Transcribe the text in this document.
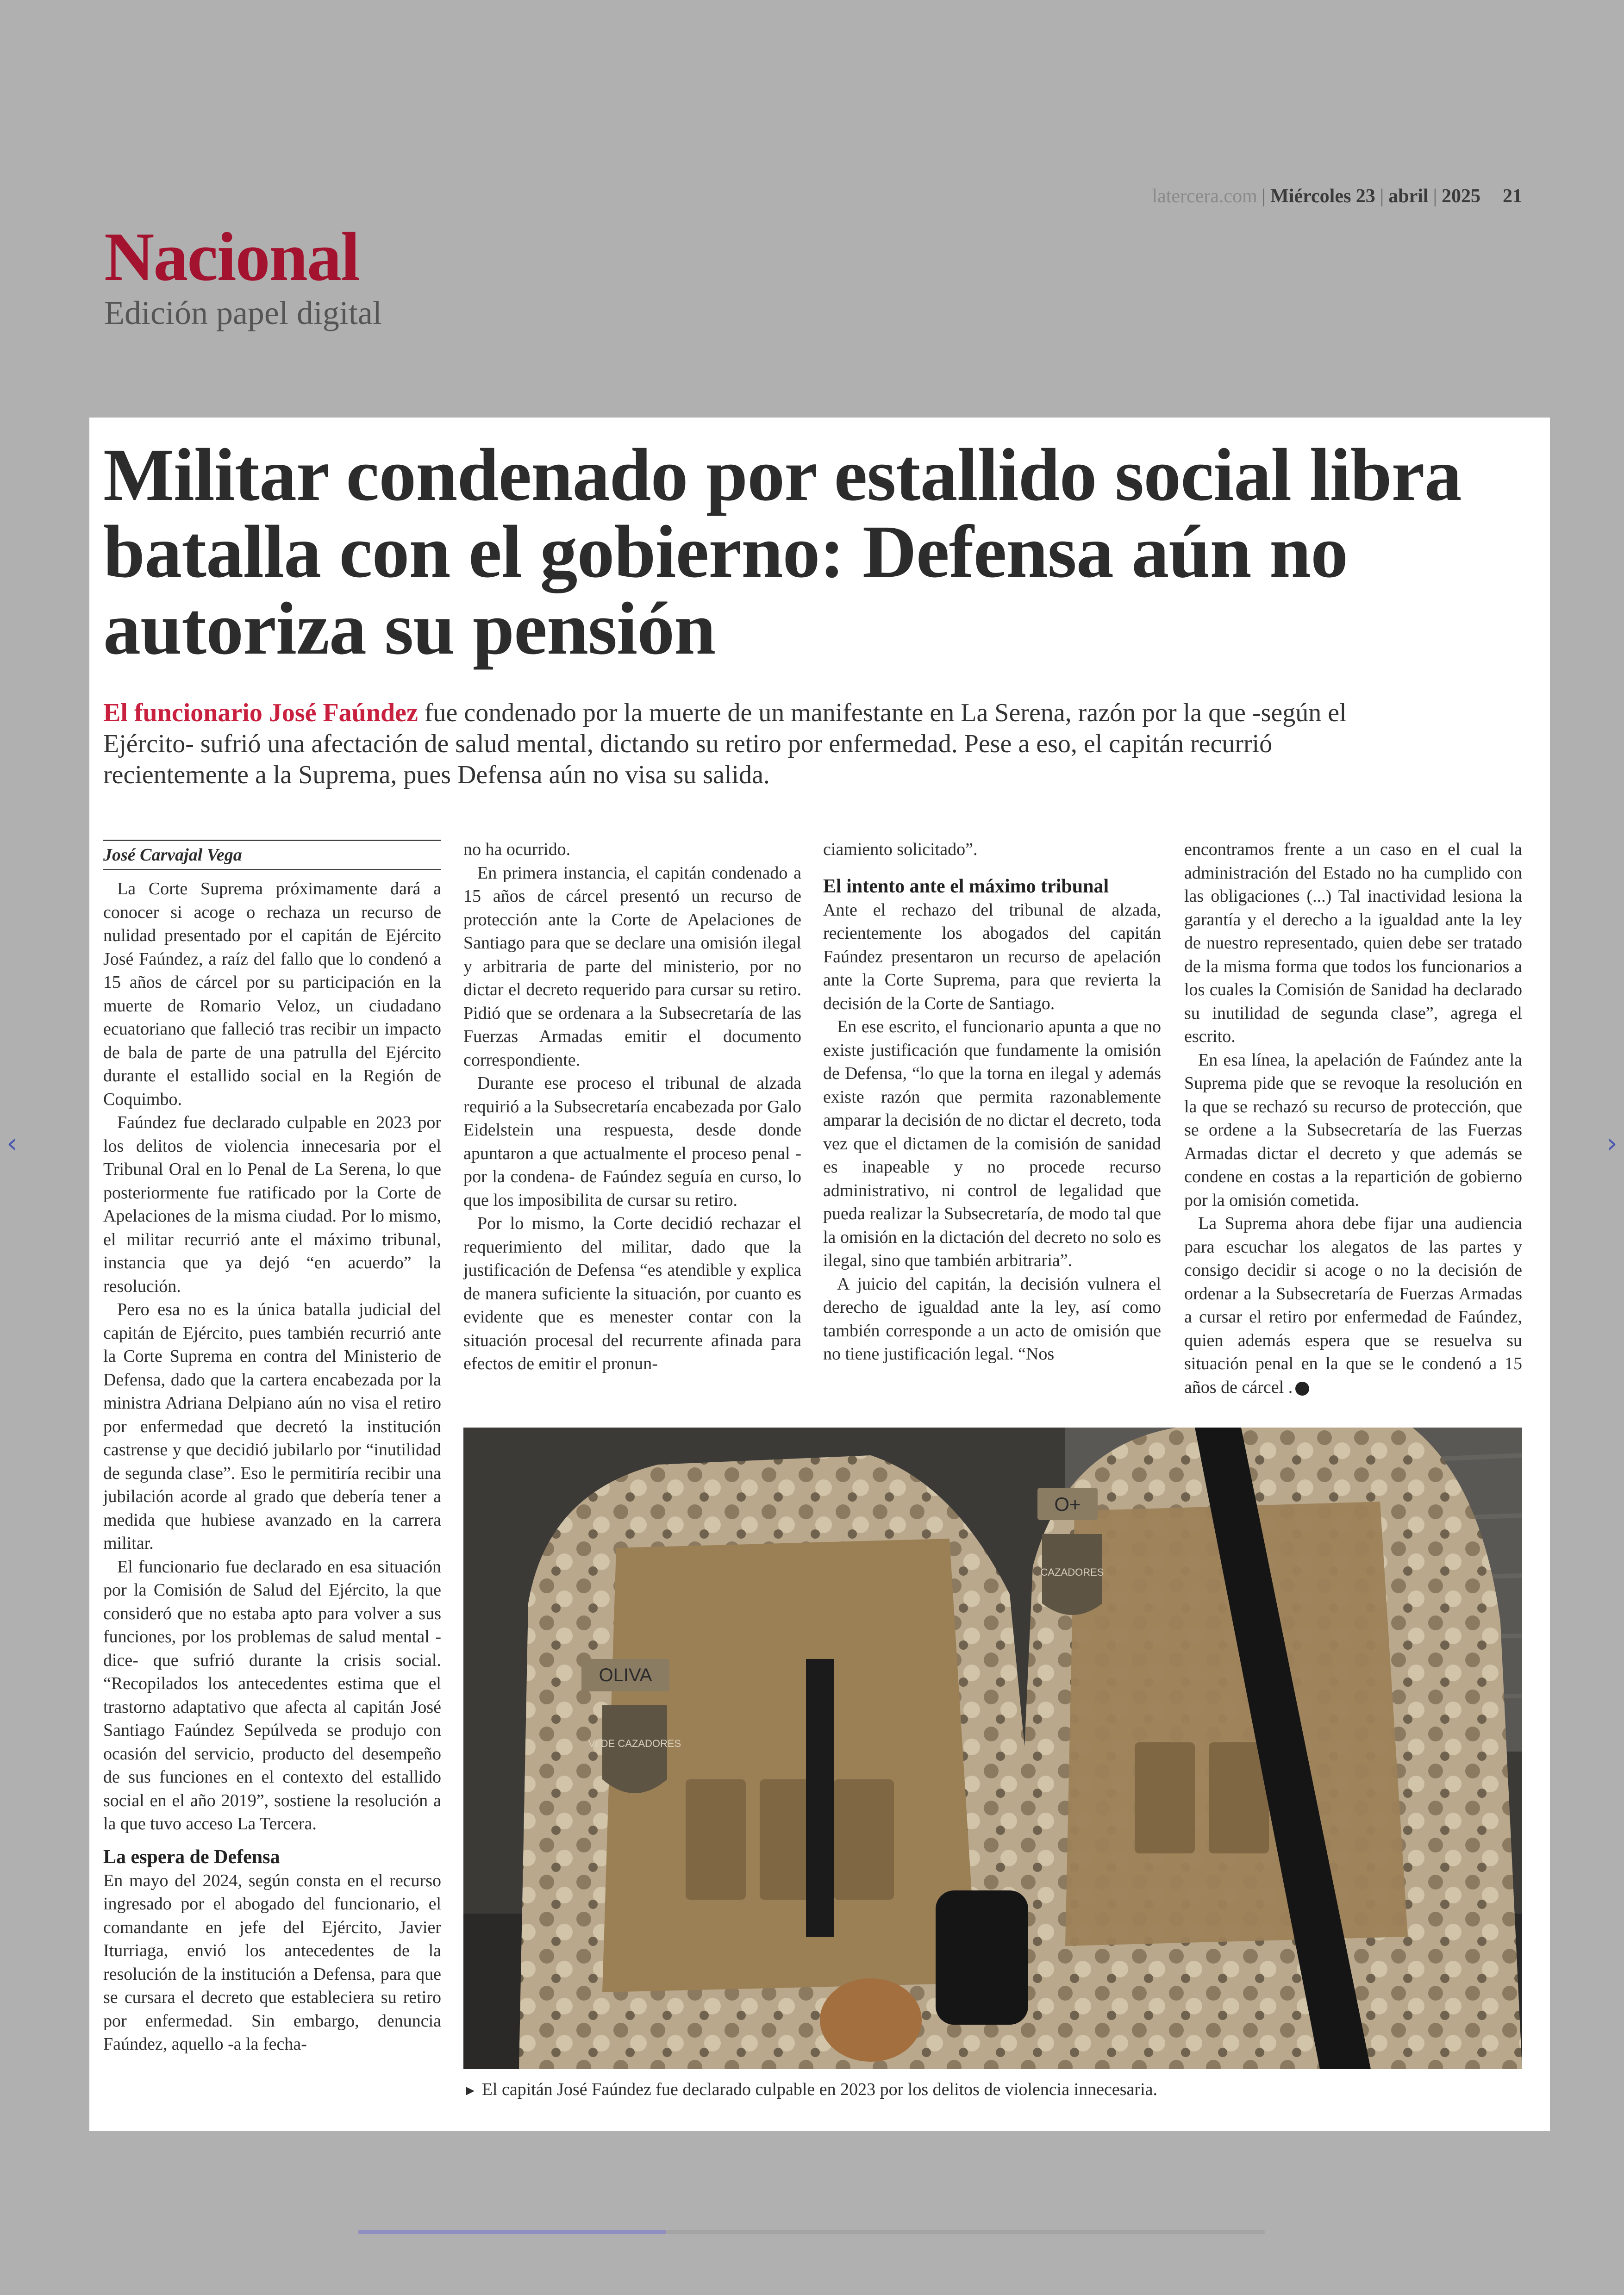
latercera.com | Miércoles 23 | abril | 2025 21
Nacional
Edición papel digital
Militar condenado por estallido social libra batalla con el gobierno: Defensa aún no autoriza su pensión
El funcionario José Faúndez fue condenado por la muerte de un manifestante en La Serena, razón por la que -según el Ejército- sufrió una afectación de salud mental, dictando su retiro por enfermedad. Pese a eso, el capitán recurrió recientemente a la Suprema, pues Defensa aún no visa su salida.
José Carvajal Vega

La Corte Suprema próximamente dará a conocer si acoge o rechaza un recurso de nulidad presentado por el capitán de Ejército José Faúndez, a raíz del fallo que lo condenó a 15 años de cárcel por su participación en la muerte de Romario Veloz, un ciudadano ecuatoriano que falleció tras recibir un impacto de bala de parte de una patrulla del Ejército durante el estallido social en la Región de Coquimbo.

Faúndez fue declarado culpable en 2023 por los delitos de violencia innecesaria por el Tribunal Oral en lo Penal de La Serena, lo que posteriormente fue ratificado por la Corte de Apelaciones de la misma ciudad. Por lo mismo, el militar recurrió ante el máximo tribunal, instancia que ya dejó “en acuerdo” la resolución.

Pero esa no es la única batalla judicial del capitán de Ejército, pues también recurrió ante la Corte Suprema en contra del Ministerio de Defensa, dado que la cartera encabezada por la ministra Adriana Delpiano aún no visa el retiro por enfermedad que decretó la institución castrense y que decidió jubilarlo por “inutilidad de segunda clase”. Eso le permitiría recibir una jubilación acorde al grado que debería tener a medida que hubiese avanzado en la carrera militar.

El funcionario fue declarado en esa situación por la Comisión de Salud del Ejército, la que consideró que no estaba apto para volver a sus funciones, por los problemas de salud mental -dice- que sufrió durante la crisis social. “Recopilados los antecedentes estima que el trastorno adaptativo que afecta al capitán José Santiago Faúndez Sepúlveda se produjo con ocasión del servicio, producto del desempeño de sus funciones en el contexto del estallido social en el año 2019”, sostiene la resolución a la que tuvo acceso La Tercera.

La espera de Defensa

En mayo del 2024, según consta en el recurso ingresado por el abogado del funcionario, el comandante en jefe del Ejército, Javier Iturriaga, envió los antecedentes de la resolución de la institución a Defensa, para que se cursara el decreto que estableciera su retiro por enfermedad. Sin embargo, denuncia Faúndez, aquello -a la fecha-

no ha ocurrido.

En primera instancia, el capitán condenado a 15 años de cárcel presentó un recurso de protección ante la Corte de Apelaciones de Santiago para que se declare una omisión ilegal y arbitraria de parte del ministerio, por no dictar el decreto requerido para cursar su retiro. Pidió que se ordenara a la Subsecretaría de las Fuerzas Armadas emitir el documento correspondiente.

Durante ese proceso el tribunal de alzada requirió a la Subsecretaría encabezada por Galo Eidelstein una respuesta, desde donde apuntaron a que actualmente el proceso penal -por la condena- de Faúndez seguía en curso, lo que los imposibilita de cursar su retiro.

Por lo mismo, la Corte decidió rechazar el requerimiento del militar, dado que la justificación de Defensa “es atendible y explica de manera suficiente la situación, por cuanto es evidente que es menester contar con la situación procesal del recurrente afinada para efectos de emitir el pronun-

ciamiento solicitado”.

El intento ante el máximo tribunal

Ante el rechazo del tribunal de alzada, recientemente los abogados del capitán Faúndez presentaron un recurso de apelación ante la Corte Suprema, para que revierta la decisión de la Corte de Santiago.

En ese escrito, el funcionario apunta a que no existe justificación que fundamente la omisión de Defensa, “lo que la torna en ilegal y además existe razón que permita razonablemente amparar la decisión de no dictar el decreto, toda vez que el dictamen de la comisión de sanidad es inapeable y no procede recurso administrativo, ni control de legalidad que pueda realizar la Subsecretaría, de modo tal que la omisión en la dictación del decreto no solo es ilegal, sino que también arbitraria”.

A juicio del capitán, la decisión vulnera el derecho de igualdad ante la ley, así como también corresponde a un acto de omisión que no tiene justificación legal. “Nos

encontramos frente a un caso en el cual la administración del Estado no ha cumplido con las obligaciones (...) Tal inactividad lesiona la garantía y el derecho a la igualdad ante la ley de nuestro representado, quien debe ser tratado de la misma forma que todos los funcionarios a los cuales la Comisión de Sanidad ha declarado su inutilidad de segunda clase”, agrega el escrito.

En esa línea, la apelación de Faúndez ante la Suprema pide que se revoque la resolución en la que se rechazó su recurso de protección, que se ordene a la Subsecretaría de las Fuerzas Armadas dictar el decreto y que además se condene en costas a la repartición de gobierno por la omisión cometida.

La Suprema ahora debe fijar una audiencia para escuchar los alegatos de las partes y consigo decidir si acoge o no la decisión de ordenar a la Subsecretaría de Fuerzas Armadas a cursar el retiro por enfermedad de Faúndez, quien además espera que se resuelva su situación penal en la que se le condenó a 15 años de cárcel .

OLIVA
VI DE CAZADORES
O+
CAZADORES
► El capitán José Faúndez fue declarado culpable en 2023 por los delitos de violencia innecesaria.
‹	›
